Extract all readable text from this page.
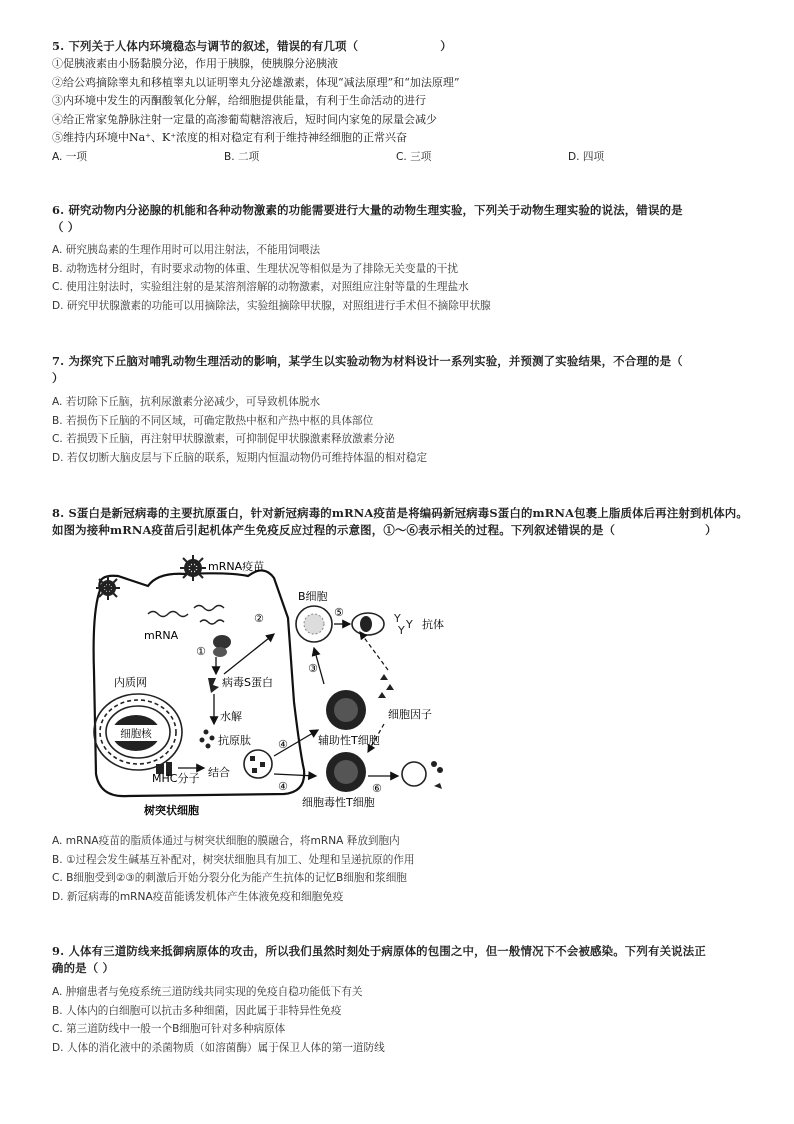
5. 下列关于人体内环境稳态与调节的叙述，错误的有几项（	）
①促胰液素由小肠黏膜分泌，作用于胰腺，使胰腺分泌胰液
②给公鸡摘除睾丸和移植睾丸以证明睾丸分泌雄激素，体现“减法原理”和“加法原理”
③内环境中发生的丙酮酸氧化分解，给细胞提供能量，有利于生命活动的进行
④给正常家兔静脉注射一定量的高渗葡萄糖溶液后，短时间内家兔的尿量会减少
⑤维持内环境中Na⁺、K⁺浓度的相对稳定有利于维持神经细胞的正常兴奋
A. 一项	B. 二项	C. 三项	D. 四项
6. 研究动物内分泌腺的机能和各种动物激素的功能需要进行大量的动物生理实验，下列关于动物生理实验的说法，错误的是
（ ）
A. 研究胰岛素的生理作用时可以用注射法，不能用饲喂法
B. 动物选材分组时，有时要求动物的体重、生理状况等相似是为了排除无关变量的干扰
C. 使用注射法时，实验组注射的是某溶剂溶解的动物激素，对照组应注射等量的生理盐水
D. 研究甲状腺激素的功能可以用摘除法，实验组摘除甲状腺，对照组进行手术但不摘除甲状腺
7. 为探究下丘脑对哺乳动物生理活动的影响，某学生以实验动物为材料设计一系列实验，并预测了实验结果，不合理的是（
）
A. 若切除下丘脑，抗利尿激素分泌减少，可导致机体脱水
B. 若损伤下丘脑的不同区域，可确定散热中枢和产热中枢的具体部位
C. 若损毁下丘脑，再注射甲状腺激素，可抑制促甲状腺激素释放激素分泌
D. 若仅切断大脑皮层与下丘脑的联系，短期内恒温动物仍可维持体温的相对稳定
8. S蛋白是新冠病毒的主要抗原蛋白，针对新冠病毒的mRNA疫苗是将编码新冠病毒S蛋白的mRNA包裹上脂质体后再注射到机体内。
如图为接种mRNA疫苗后引起机体产生免疫反应过程的示意图，①～⑥表示相关的过程。下列叙述错误的是（	）
mRNA疫苗
mRNA
①
病毒S蛋白
②
水解
抗原肽
内质网
细胞核
MHC分子 结合
树突状细胞
④
④
B细胞
⑤	Y Y
Y 抗体
③
辅助性T细胞
细胞因子
细胞毒性T细胞
⑥
A. mRNA疫苗的脂质体通过与树突状细胞的膜融合，将mRNA 释放到胞内
B. ①过程会发生碱基互补配对，树突状细胞具有加工、处理和呈递抗原的作用
C. B细胞受到②③的刺激后开始分裂分化为能产生抗体的记忆B细胞和浆细胞
D. 新冠病毒的mRNA疫苗能诱发机体产生体液免疫和细胞免疫
9. 人体有三道防线来抵御病原体的攻击，所以我们虽然时刻处于病原体的包围之中，但一般情况下不会被感染。下列有关说法正
确的是（ ）
A. 肿瘤患者与免疫系统三道防线共同实现的免疫自稳功能低下有关
B. 人体内的白细胞可以抗击多种细菌，因此属于非特异性免疫
C. 第三道防线中一般一个B细胞可针对多种病原体
D. 人体的消化液中的杀菌物质（如溶菌酶）属于保卫人体的第一道防线
